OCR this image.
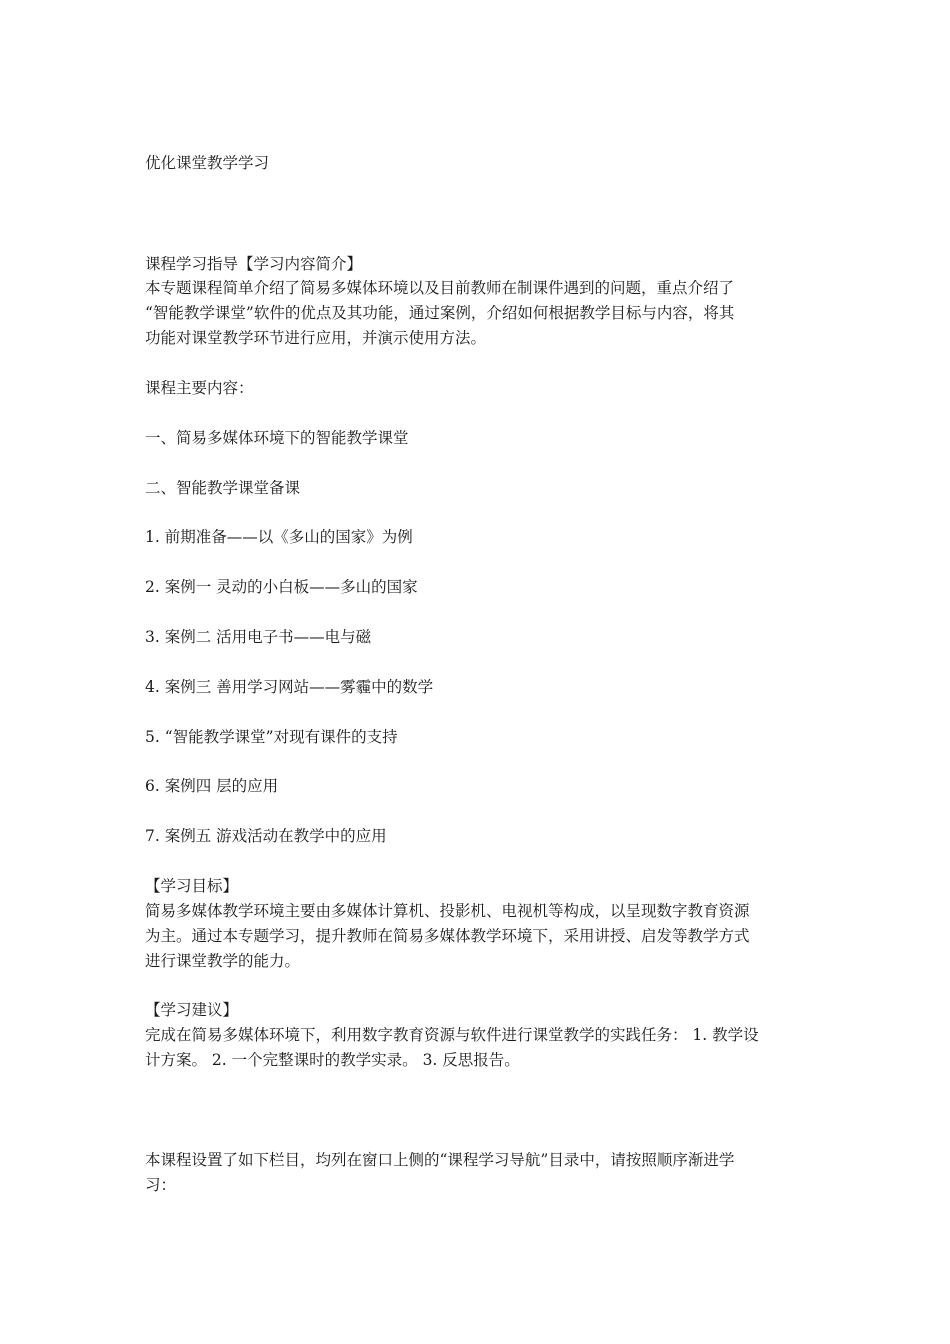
优化课堂教学学习
课程学习指导【学习内容简介】
本专题课程简单介绍了简易多媒体环境以及目前教师在制课件遇到的问题，重点介绍了
“智能教学课堂”软件的优点及其功能，通过案例，介绍如何根据教学目标与内容，将其
功能对课堂教学环节进行应用，并演示使用方法。
课程主要内容：
一、简易多媒体环境下的智能教学课堂
二、智能教学课堂备课
1. 前期准备——以《多山的国家》为例
2. 案例一 灵动的小白板——多山的国家
3. 案例二 活用电子书——电与磁
4. 案例三 善用学习网站——雾霾中的数学
5. “智能教学课堂”对现有课件的支持
6. 案例四 层的应用
7. 案例五 游戏活动在教学中的应用
【学习目标】
简易多媒体教学环境主要由多媒体计算机、投影机、电视机等构成，以呈现数字教育资源
为主。通过本专题学习，提升教师在简易多媒体教学环境下，采用讲授、启发等教学方式
进行课堂教学的能力。
【学习建议】
完成在简易多媒体环境下，利用数字教育资源与软件进行课堂教学的实践任务： 1. 教学设
计方案。 2. 一个完整课时的教学实录。 3. 反思报告。
本课程设置了如下栏目，均列在窗口上侧的“课程学习导航”目录中，请按照顺序渐进学
习：
